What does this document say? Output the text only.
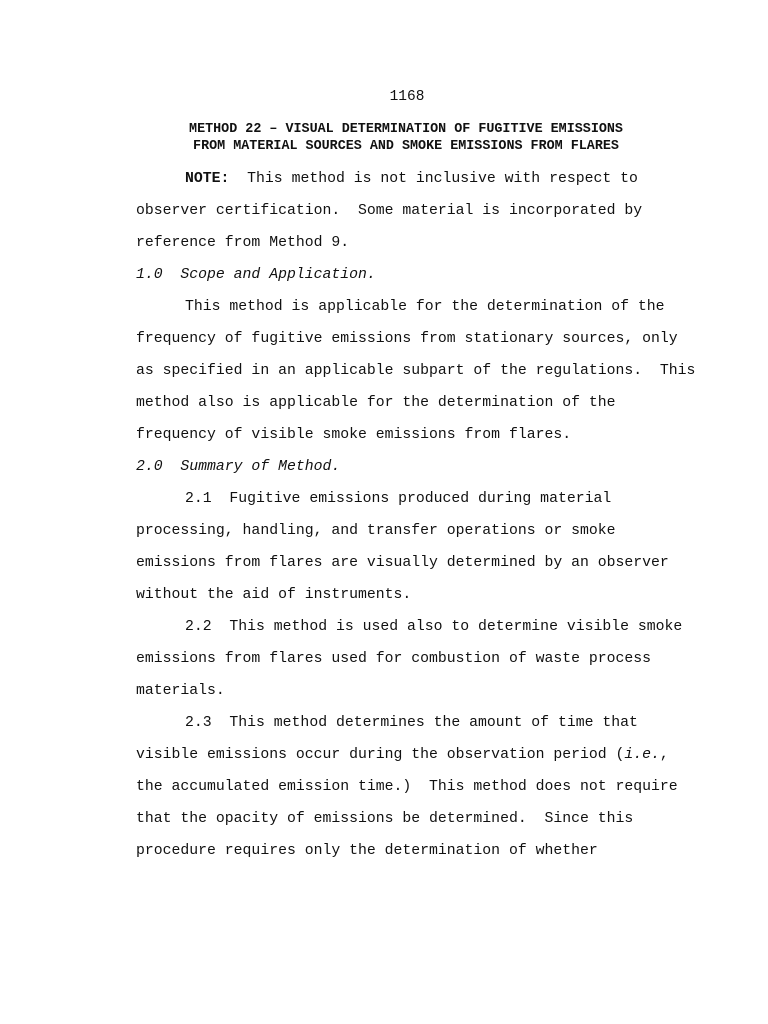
1168
METHOD 22 – VISUAL DETERMINATION OF FUGITIVE EMISSIONS
FROM MATERIAL SOURCES AND SMOKE EMISSIONS FROM FLARES

NOTE:  This method is not inclusive with respect to observer certification.  Some material is incorporated by reference from Method 9.

1.0  Scope and Application.

This method is applicable for the determination of the frequency of fugitive emissions from stationary sources, only as specified in an applicable subpart of the regulations.  This method also is applicable for the determination of the frequency of visible smoke emissions from flares.

2.0  Summary of Method.

2.1  Fugitive emissions produced during material processing, handling, and transfer operations or smoke emissions from flares are visually determined by an observer without the aid of instruments.

2.2  This method is used also to determine visible smoke emissions from flares used for combustion of waste process materials.

2.3  This method determines the amount of time that visible emissions occur during the observation period (i.e., the accumulated emission time.)  This method does not require that the opacity of emissions be determined.  Since this procedure requires only the determination of whether
